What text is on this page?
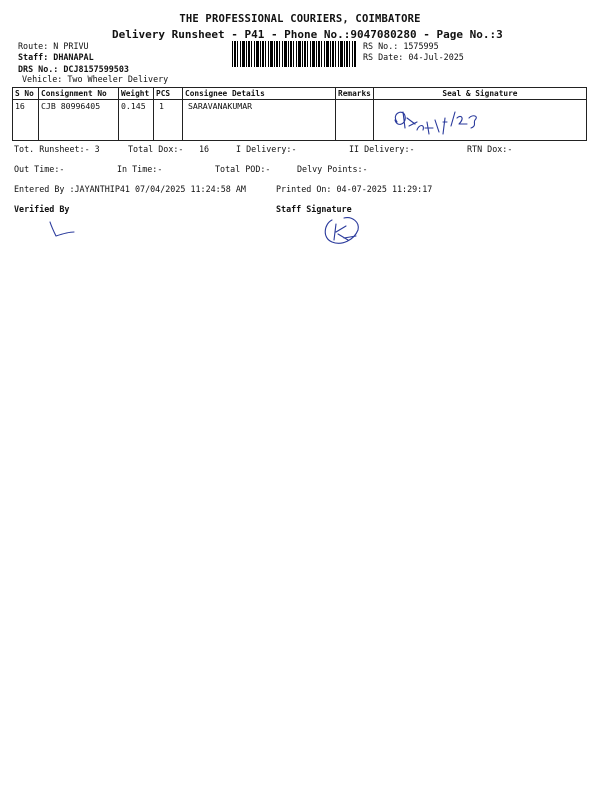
THE PROFESSIONAL COURIERS, COIMBATORE
Delivery Runsheet - P41 - Phone No.:9047080280 - Page No.:3
Route: N PRIVU
Staff: DHANAPAL
DRS No.: DCJ8157599503
Vehicle: Two Wheeler Delivery
RS No.: 1575995
RS Date: 04-Jul-2025
S No	Consignment No	Weight	PCS	Consignee Details	Remarks	Seal & Signature
16	CJB 80996405	0.145	1	SARAVANAKUMAR		
Tot. Runsheet:- 3	Total Dox:- 16	I Delivery:-	II Delivery:-	RTN Dox:-
Out Time:-	In Time:-	Total POD:-	Delvy Points:-
Entered By :JAYANTHIP41 07/04/2025 11:24:58 AM	Printed On: 04-07-2025 11:29:17
Verified By	Staff Signature
